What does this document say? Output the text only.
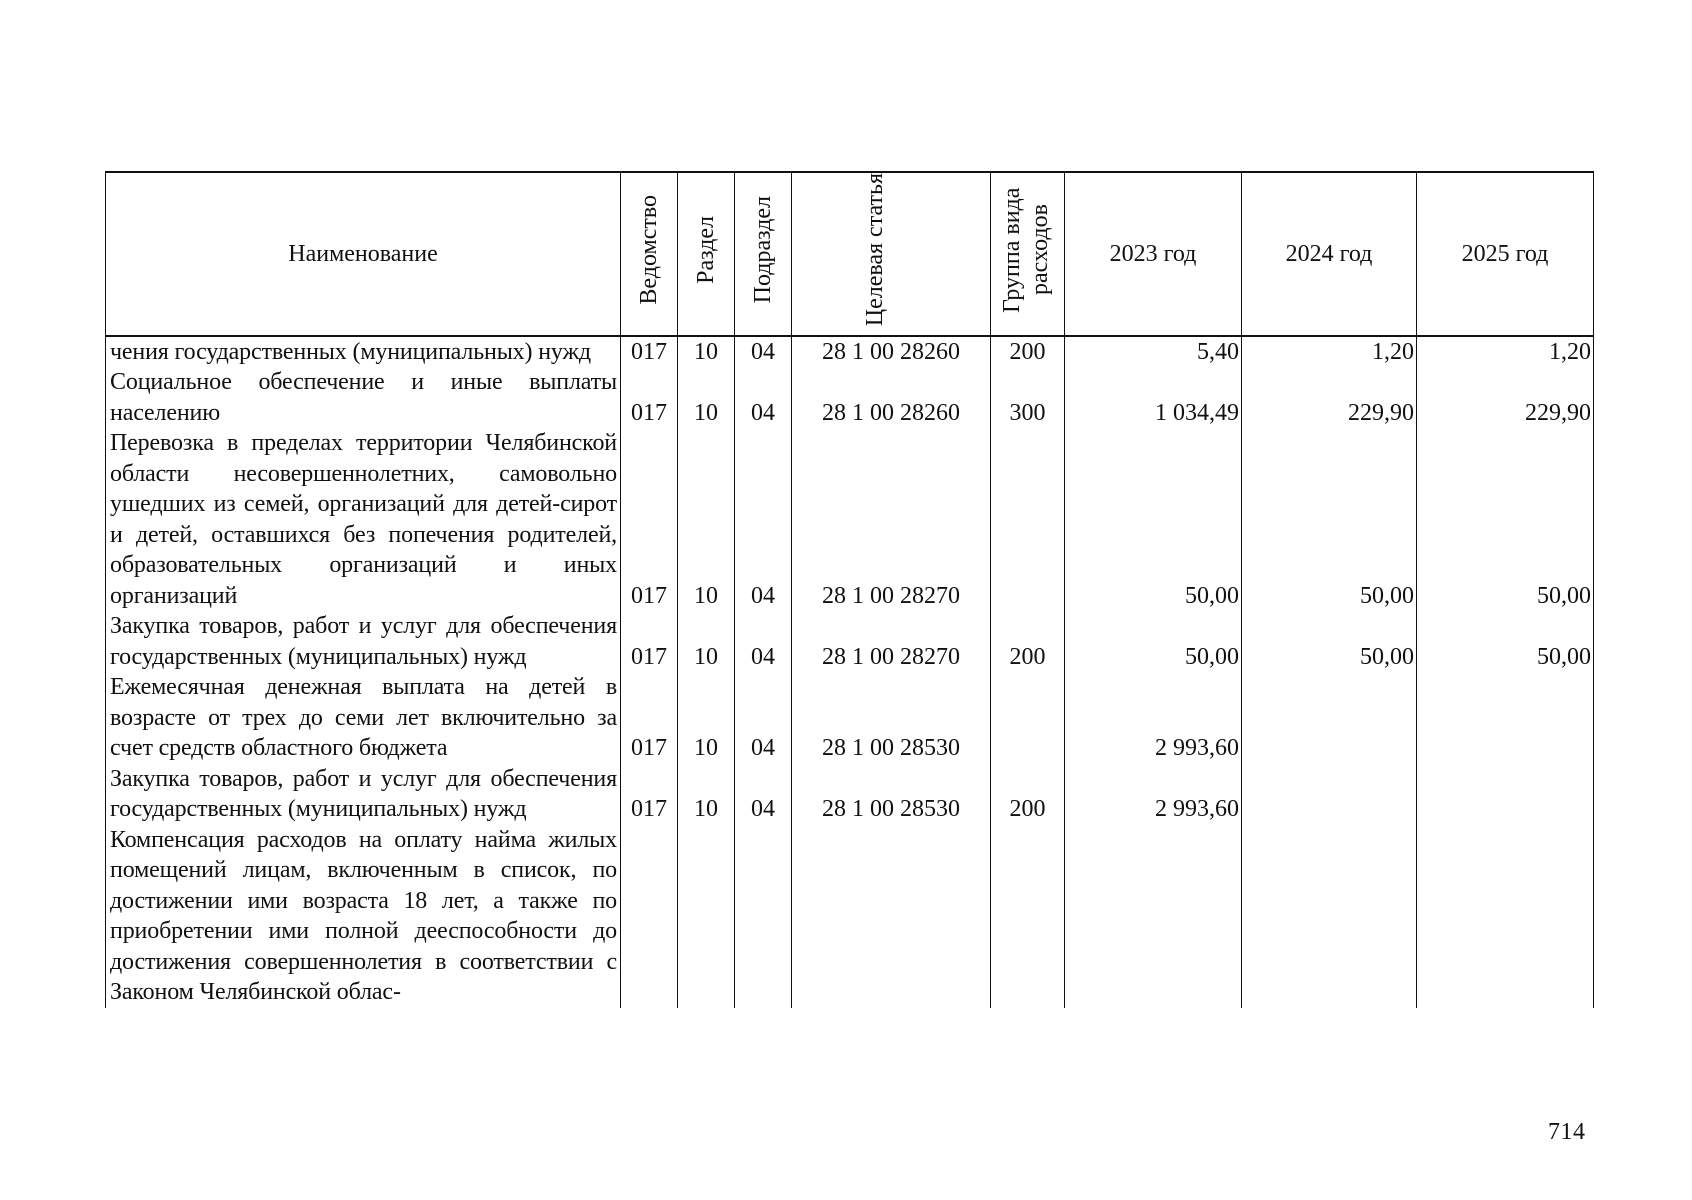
Наименование	Ведомство	Раздел	Подраздел	Целевая статья	Группа вида расходов	2023 год	2024 год	2025 год
чения государственных (муниципальных) нужд	017	10	04	28 1 00 28260	200	5,40	1,20	1,20
Социальное обеспечение и иные выплаты населению	017	10	04	28 1 00 28260	300	1 034,49	229,90	229,90
Перевозка в пределах территории Челябинской области несовершеннолетних, самовольно ушедших из семей, организаций для детей-сирот и детей, оставшихся без попечения родителей, образовательных организаций и иных организаций	017	10	04	28 1 00 28270		50,00	50,00	50,00
Закупка товаров, работ и услуг для обеспечения государственных (муниципальных) нужд	017	10	04	28 1 00 28270	200	50,00	50,00	50,00
Ежемесячная денежная выплата на детей в возрасте от трех до семи лет включительно за счет средств областного бюджета	017	10	04	28 1 00 28530		2 993,60		
Закупка товаров, работ и услуг для обеспечения государственных (муниципальных) нужд	017	10	04	28 1 00 28530	200	2 993,60		
Компенсация расходов на оплату найма жилых помещений лицам, включенным в список, по достижении ими возраста 18 лет, а также по приобретении ими полной дееспособности до достижения совершеннолетия в соответствии с Законом Челябинской облас-								
714
